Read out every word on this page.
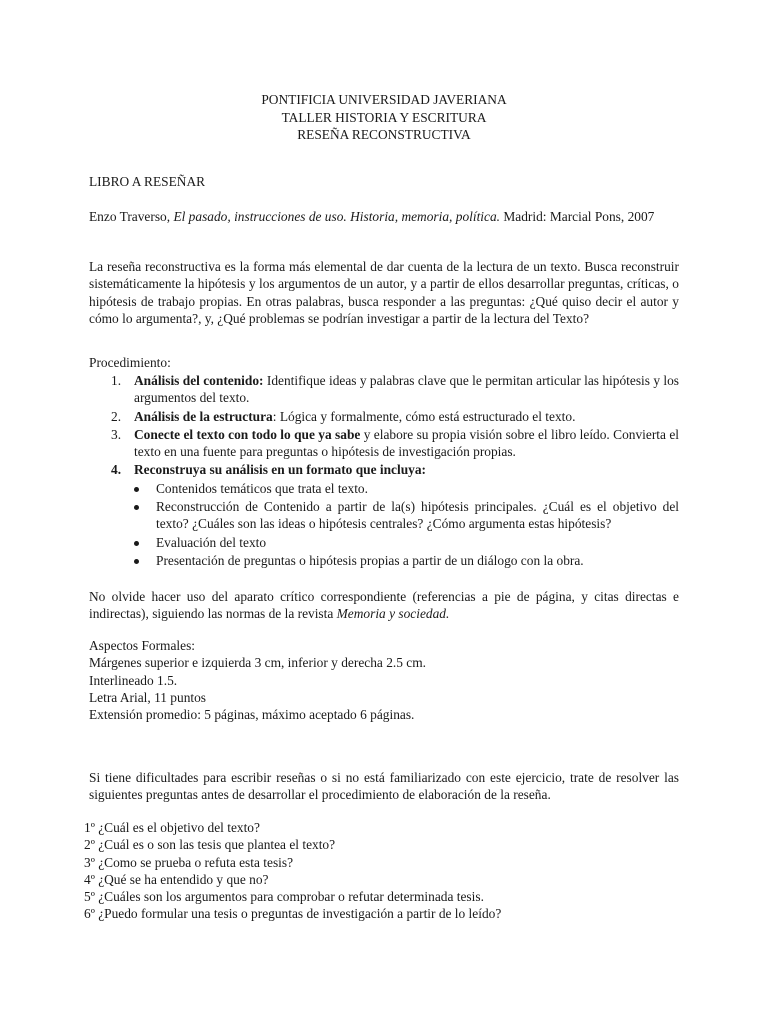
PONTIFICIA UNIVERSIDAD JAVERIANA
TALLER HISTORIA Y ESCRITURA
RESEÑA RECONSTRUCTIVA
LIBRO A RESEÑAR
Enzo Traverso, El pasado, instrucciones de uso. Historia, memoria, política. Madrid: Marcial Pons, 2007
La reseña reconstructiva es la forma más elemental de dar cuenta de la lectura de un texto. Busca reconstruir sistemáticamente la hipótesis y los argumentos de un autor, y a partir de ellos desarrollar preguntas, críticas, o hipótesis de trabajo propias. En otras palabras, busca responder a las preguntas: ¿Qué quiso decir el autor y cómo lo argumenta?, y, ¿Qué problemas se podrían investigar a partir de la lectura del Texto?
Procedimiento:
1. Análisis del contenido: Identifique ideas y palabras clave que le permitan articular las hipótesis y los argumentos del texto.
2. Análisis de la estructura: Lógica y formalmente, cómo está estructurado el texto.
3. Conecte el texto con todo lo que ya sabe y elabore su propia visión sobre el libro leído. Convierta el texto en una fuente para preguntas o hipótesis de investigación propias.
4. Reconstruya su análisis en un formato que incluya:
Contenidos temáticos que trata el texto.
Reconstrucción de Contenido a partir de la(s) hipótesis principales. ¿Cuál es el objetivo del texto? ¿Cuáles son las ideas o hipótesis centrales? ¿Cómo argumenta estas hipótesis?
Evaluación del texto
Presentación de preguntas o hipótesis propias a partir de un diálogo con la obra.
No olvide hacer uso del aparato crítico correspondiente (referencias a pie de página, y citas directas e indirectas), siguiendo las normas de la revista Memoria y sociedad.
Aspectos Formales:
Márgenes superior e izquierda 3 cm, inferior y derecha 2.5 cm.
Interlineado 1.5.
Letra Arial, 11 puntos
Extensión promedio: 5 páginas, máximo aceptado 6 páginas.
Si tiene dificultades para escribir reseñas o si no está familiarizado con este ejercicio, trate de resolver las siguientes preguntas antes de desarrollar el procedimiento de elaboración de la reseña.
1º ¿Cuál es el objetivo del texto?
2º ¿Cuál es o son las tesis que plantea el texto?
3º ¿Como se prueba o refuta esta tesis?
4º ¿Qué se ha entendido y que no?
5º ¿Cuáles son los argumentos para comprobar o refutar determinada tesis.
6º ¿Puedo formular una tesis o preguntas de investigación a partir de lo leído?
